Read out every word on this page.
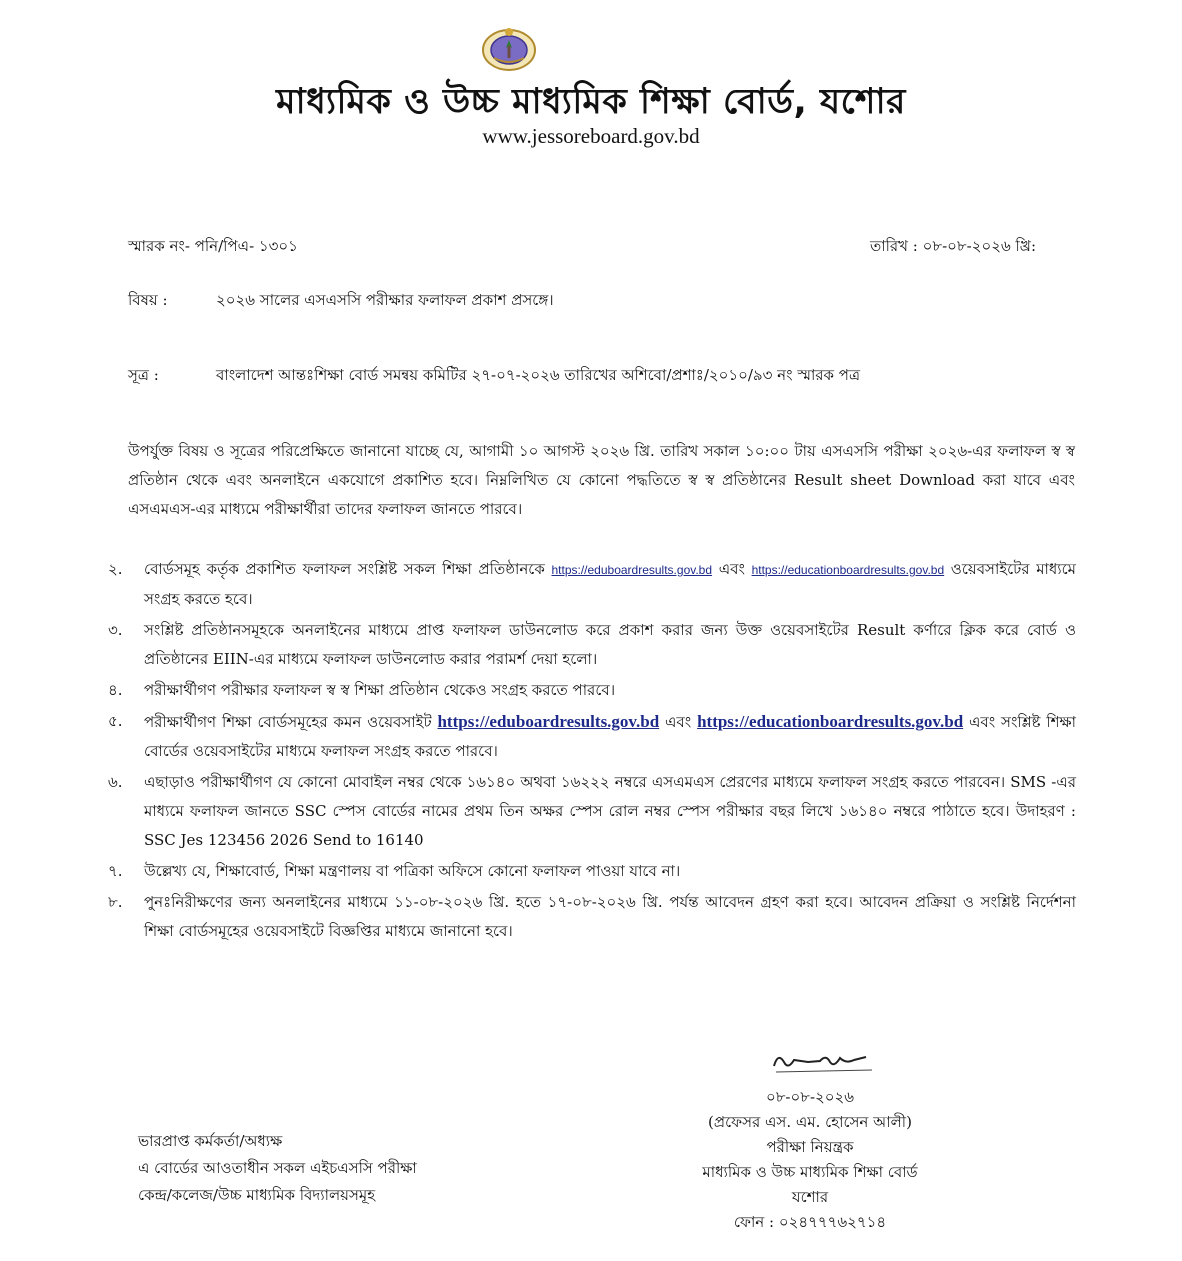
মাধ্যমিক ও উচ্চ মাধ্যমিক শিক্ষা বোর্ড, যশোর
www.jessoreboard.gov.bd
স্মারক নং- পনি/পিএ- ১৩০১	তারিখ : ০৮-০৮-২০২৬ খ্রি:
বিষয় :	২০২৬ সালের এসএসসি পরীক্ষার ফলাফল প্রকাশ প্রসঙ্গে।
সূত্র :	বাংলাদেশ আন্তঃশিক্ষা বোর্ড সমন্বয় কমিটির ২৭-০৭-২০২৬ তারিখের অশিবো/প্রশাঃ/২০১০/৯৩ নং স্মারক পত্র
উপর্যুক্ত বিষয় ও সূত্রের পরিপ্রেক্ষিতে জানানো যাচ্ছে যে, আগামী ১০ আগস্ট ২০২৬ খ্রি. তারিখ সকাল ১০:০০ টায় এসএসসি পরীক্ষা ২০২৬-এর ফলাফল স্ব স্ব প্রতিষ্ঠান থেকে এবং অনলাইনে একযোগে প্রকাশিত হবে। নিম্নলিখিত যে কোনো পদ্ধতিতে স্ব স্ব প্রতিষ্ঠানের Result sheet Download করা যাবে এবং এসএমএস-এর মাধ্যমে পরীক্ষার্থীরা তাদের ফলাফল জানতে পারবে।
২.	বোর্ডসমূহ কর্তৃক প্রকাশিত ফলাফল সংশ্লিষ্ট সকল শিক্ষা প্রতিষ্ঠানকে https://eduboardresults.gov.bd এবং https://educationboardresults.gov.bd ওয়েবসাইটের মাধ্যমে সংগ্রহ করতে হবে।
৩.	সংশ্লিষ্ট প্রতিষ্ঠানসমূহকে অনলাইনের মাধ্যমে প্রাপ্ত ফলাফল ডাউনলোড করে প্রকাশ করার জন্য উক্ত ওয়েবসাইটের Result কর্ণারে ক্লিক করে বোর্ড ও প্রতিষ্ঠানের EIIN-এর মাধ্যমে ফলাফল ডাউনলোড করার পরামর্শ দেয়া হলো।
৪.	পরীক্ষার্থীগণ পরীক্ষার ফলাফল স্ব স্ব শিক্ষা প্রতিষ্ঠান থেকেও সংগ্রহ করতে পারবে।
৫.	পরীক্ষার্থীগণ শিক্ষা বোর্ডসমূহের কমন ওয়েবসাইট https://eduboardresults.gov.bd এবং https://educationboardresults.gov.bd এবং সংশ্লিষ্ট শিক্ষা বোর্ডের ওয়েবসাইটের মাধ্যমে ফলাফল সংগ্রহ করতে পারবে।
৬.	এছাড়াও পরীক্ষার্থীগণ যে কোনো মোবাইল নম্বর থেকে ১৬১৪০ অথবা ১৬২২২ নম্বরে এসএমএস প্রেরণের মাধ্যমে ফলাফল সংগ্রহ করতে পারবেন। SMS -এর মাধ্যমে ফলাফল জানতে SSC স্পেস বোর্ডের নামের প্রথম তিন অক্ষর স্পেস রোল নম্বর স্পেস পরীক্ষার বছর লিখে ১৬১৪০ নম্বরে পাঠাতে হবে। উদাহরণ : SSC Jes 123456 2026 Send to 16140
৭.	উল্লেখ্য যে, শিক্ষাবোর্ড, শিক্ষা মন্ত্রণালয় বা পত্রিকা অফিসে কোনো ফলাফল পাওয়া যাবে না।
৮.	পুনঃনিরীক্ষণের জন্য অনলাইনের মাধ্যমে ১১-০৮-২০২৬ খ্রি. হতে ১৭-০৮-২০২৬ খ্রি. পর্যন্ত আবেদন গ্রহণ করা হবে। আবেদন প্রক্রিয়া ও সংশ্লিষ্ট নির্দেশনা শিক্ষা বোর্ডসমূহের ওয়েবসাইটে বিজ্ঞপ্তির মাধ্যমে জানানো হবে।
০৮-০৮-২০২৬
(প্রফেসর এস. এম. হোসেন আলী)
পরীক্ষা নিয়ন্ত্রক
মাধ্যমিক ও উচ্চ মাধ্যমিক শিক্ষা বোর্ড
যশোর
ফোন : ০২৪৭৭৭৬২৭১৪
ভারপ্রাপ্ত কর্মকর্তা/অধ্যক্ষ
এ বোর্ডের আওতাধীন সকল এইচএসসি পরীক্ষা
কেন্দ্র/কলেজ/উচ্চ মাধ্যমিক বিদ্যালয়সমূহ
